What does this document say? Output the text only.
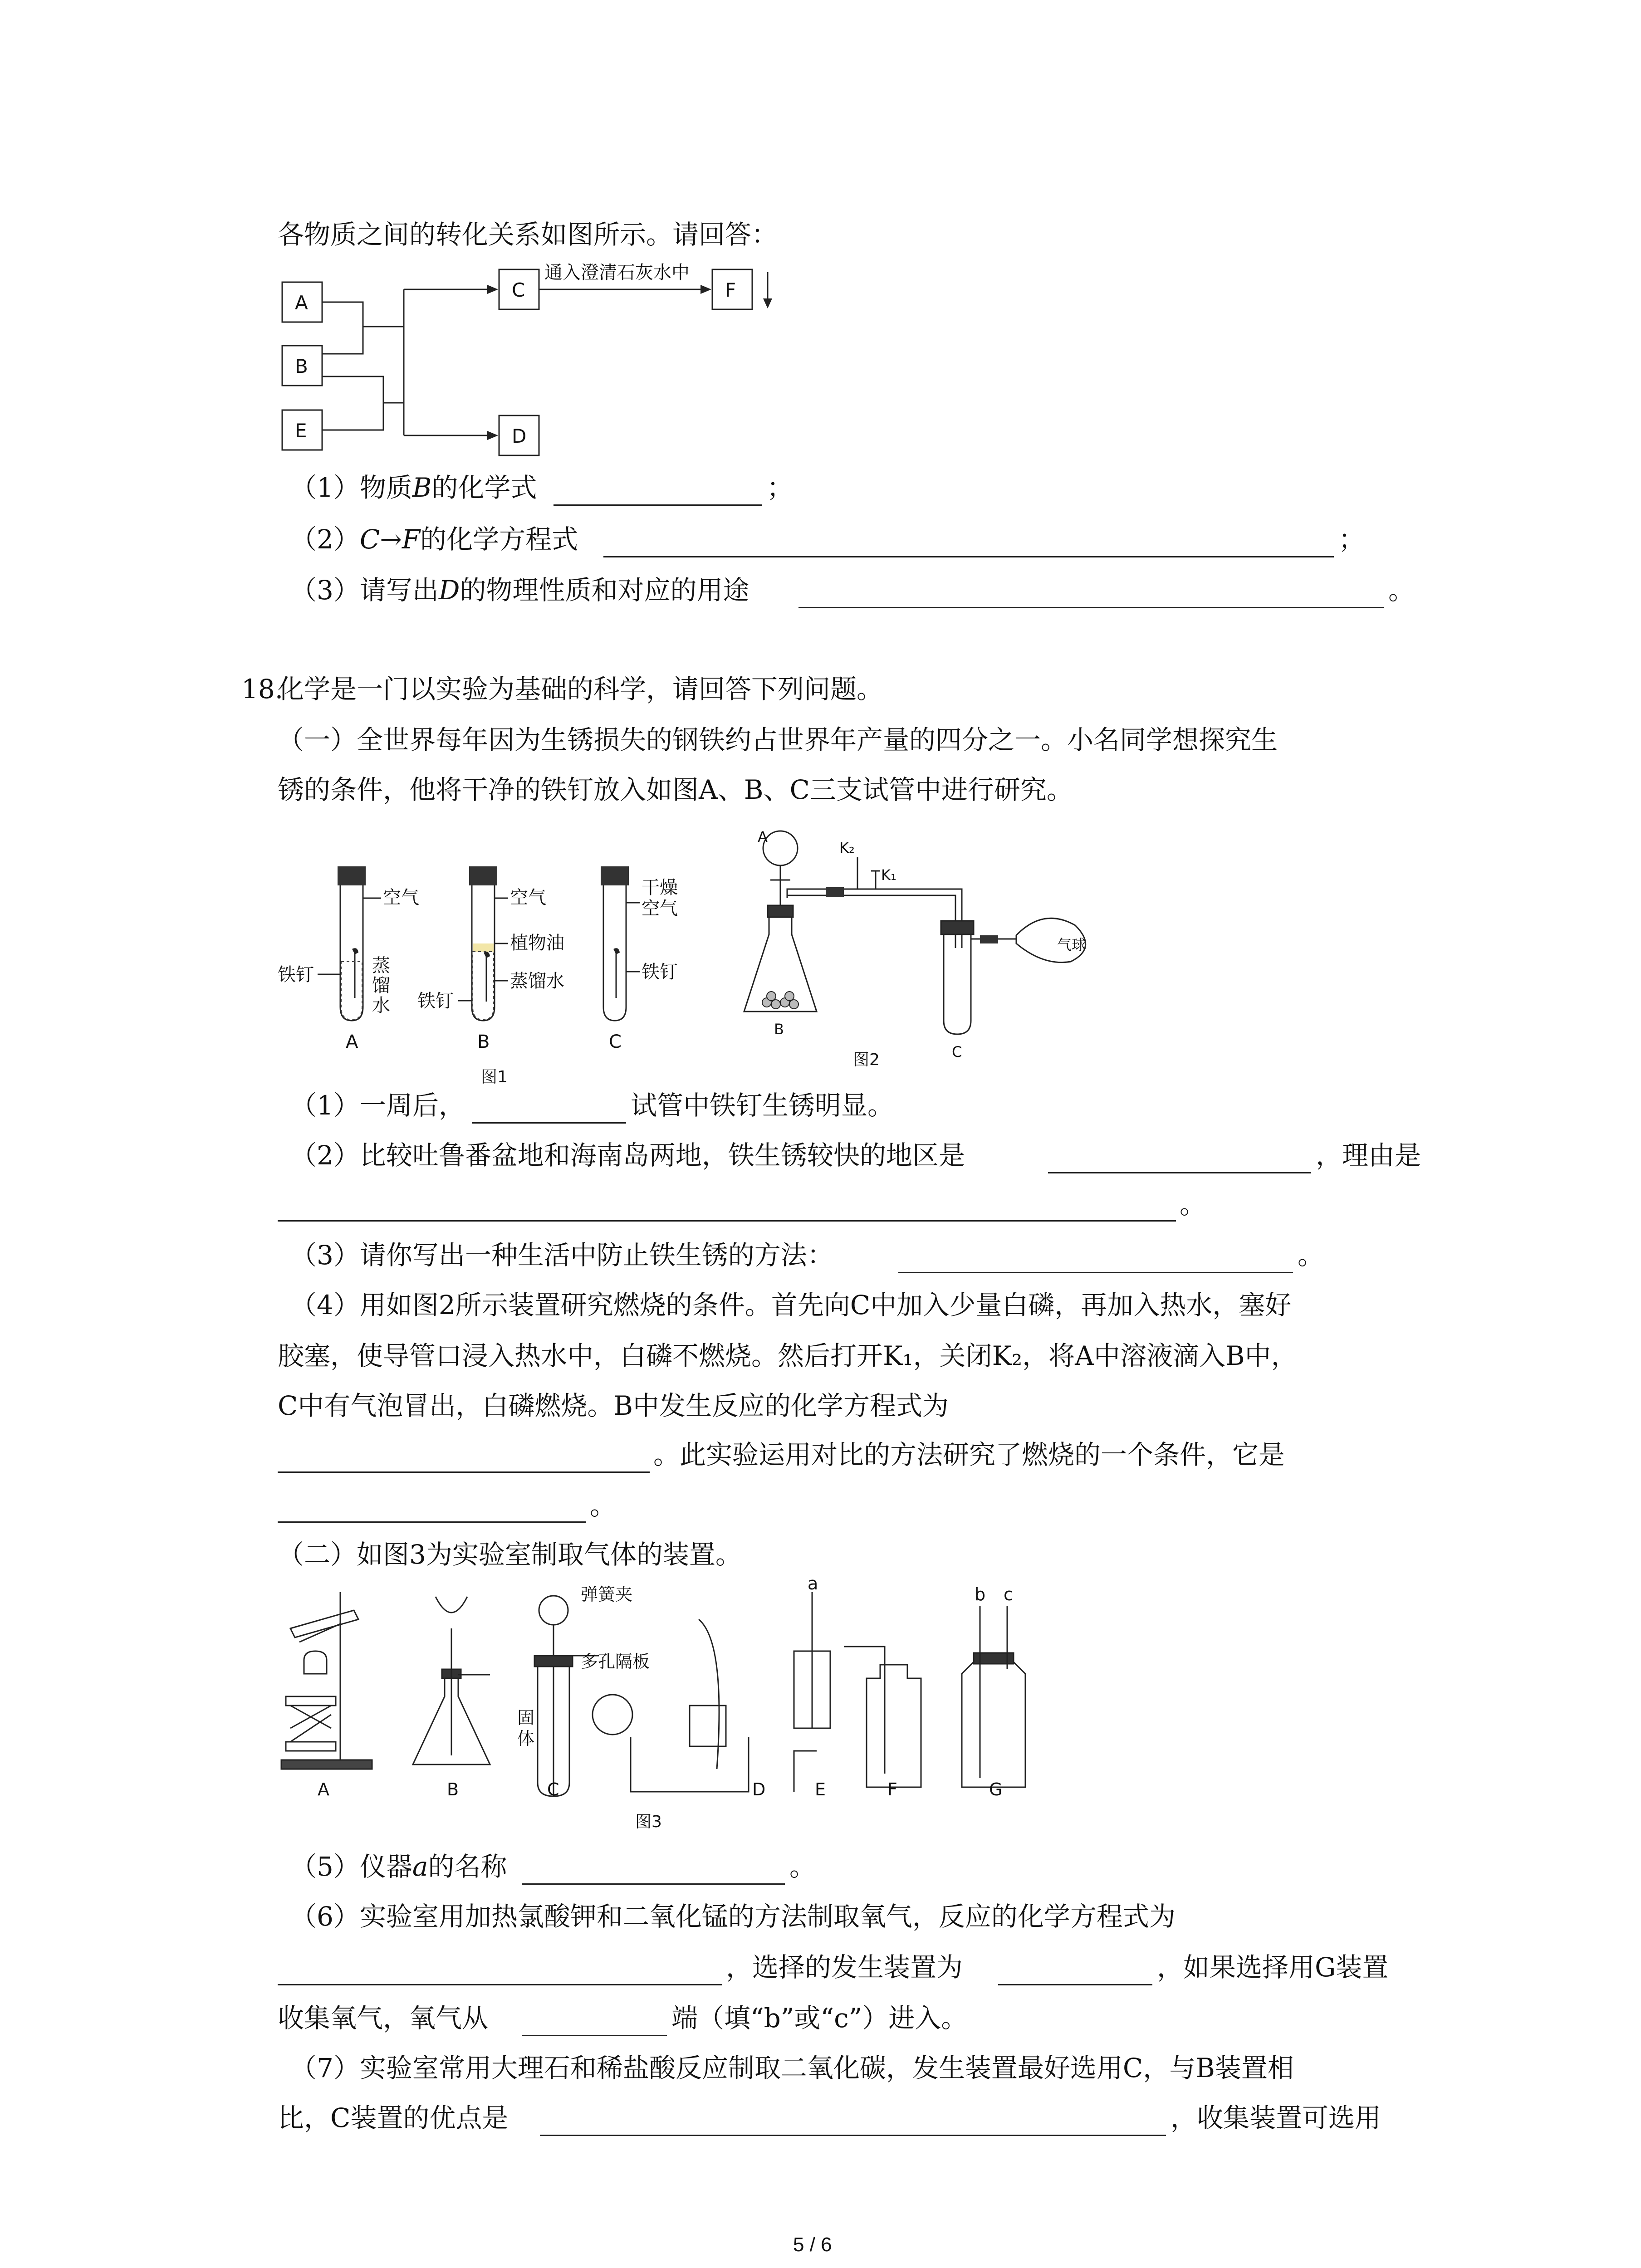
各物质之间的转化关系如图所示。请回答：
A
B
E
C
D
F
通入澄清石灰水中
（1）物质B的化学式	；
（2）C→F的化学方程式	；
（3）请写出D的物理性质和对应的用途	。
18.
化学是一门以实验为基础的科学，请回答下列问题。
（一）全世界每年因为生锈损失的钢铁约占世界年产量的四分之一。小名同学想探究生
锈的条件，他将干净的铁钉放入如图A、B、C三支试管中进行研究。
空气
蒸
馏
水
铁钉
空气
植物油
蒸馏水
铁钉
干燥
空气
铁钉
A	B	C
图1
A
K₂
K₁
B
C
气球
图2
（1）一周后，	试管中铁钉生锈明显。
（2）比较吐鲁番盆地和海南岛两地，铁生锈较快的地区是	，理由是
。
（3）请你写出一种生活中防止铁生锈的方法：	。
（4）用如图2所示装置研究燃烧的条件。首先向C中加入少量白磷，再加入热水，塞好
胶塞，使导管口浸入热水中，白磷不燃烧。然后打开K₁，关闭K₂，将A中溶液滴入B中，
C中有气泡冒出，白磷燃烧。B中发生反应的化学方程式为
。此实验运用对比的方法研究了燃烧的一个条件，它是
。
（二）如图3为实验室制取气体的装置。
弹簧夹
多孔隔板
固
体
a
b c
A	B	C	D	E	F	G
图3
（5）仪器a的名称	。
（6）实验室用加热氯酸钾和二氧化锰的方法制取氧气，反应的化学方程式为
，选择的发生装置为	，如果选择用G装置
收集氧气，氧气从	端（填“b”或“c”）进入。
（7）实验室常用大理石和稀盐酸反应制取二氧化碳，发生装置最好选用C，与B装置相
比，C装置的优点是	，收集装置可选用
5 / 6
